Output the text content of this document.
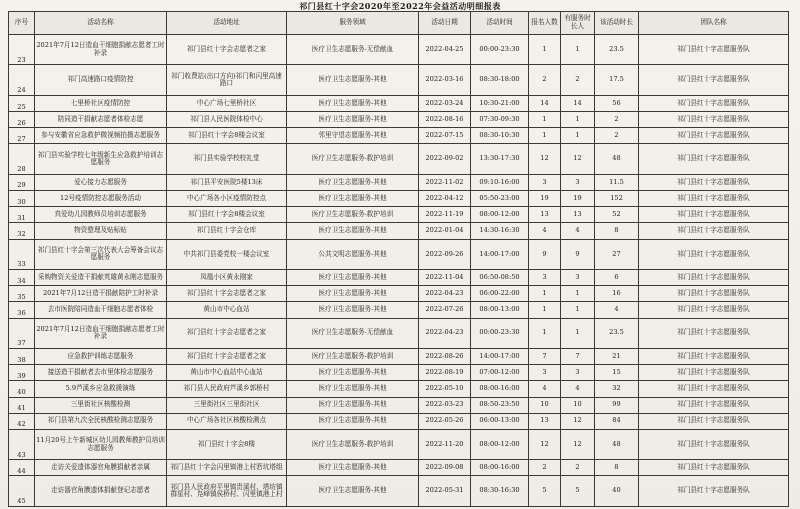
祁门县红十字会2020年至2022年会益活动明细报表
序号	活动名称	活动地址	服务领域	活动日期	活动时间	报名人数	有服务时长人	该活动时长	团队名称
23	2021年7月12日造血干细胞捐献志愿者工时补录	祁门县红十字会志愿者之家	医疗卫生志愿服务-无偿献血	2022-04-25	00:00-23:30	1	1	23.5	祁门县红十字志愿服务队
24	祁门高速路口疫情防控	祁门收费站(出口方向)祁门和闪里高速路口	医疗卫生志愿服务-其他	2022-03-16	08:30-18:00	2	2	17.5	祁门县红十字志愿服务队
25	七里桥社区疫情防控	中心广场七里桥社区	医疗卫生志愿服务-其他	2022-03-24	10:30-21:00	14	14	56	祁门县红十字志愿服务队
26	陪同造干捐献志愿者体检志愿	祁门县人民医院体检中心	医疗卫生志愿服务-其他	2022-08-16	07:30-09:30	1	1	2	祁门县红十字志愿服务队
27	参与安徽省应急救护微视频拍摄志愿服务	祁门县红十字会8楼会议室	邻里守望志愿服务-其他	2022-07-15	08:30-10:30	1	1	2	祁门县红十字志愿服务队
28	祁门县实验学校七年级新生应急救护培训志愿服务	祁门县实验学校校礼堂	医疗卫生志愿服务-救护培训	2022-09-02	13:30-17:30	12	12	48	祁门县红十字志愿服务队
29	爱心接力志愿服务	祁门县平安医院5楼13床	医疗卫生志愿服务-其他	2022-11-02	09:10-16:00	3	3	11.5	祁门县红十字志愿服务队
30	12号疫情防控志愿服务活动	中心广场各小区疫情防控点	医疗卫生志愿服务-其他	2022-04-12	05:50-23:00	19	19	152	祁门县红十字志愿服务队
31	真爱幼儿园教师员培训志愿服务	祁门县红十字会8楼会议室	医疗卫生志愿服务-救护培训	2022-11-19	08:00-12:00	13	13	52	祁门县红十字志愿服务队
32	物资整理及贴标贴	祁门县红十字会仓库	医疗卫生志愿服务-其他	2022-01-04	14:30-16:30	4	4	8	祁门县红十字志愿服务队
33	祁门县红十字会第三次代表大会筹备会议志愿服务	中共祁门县委党校一楼会议室	公共文明志愿服务-其他	2022-09-26	14:00-17:00	9	9	27	祁门县红十字志愿服务队
34	采购物资关爱造干捐献英雄黄永刚志愿服务	凤凰小区黄永刚家	医疗卫生志愿服务-其他	2022-11-04	06:50-08:50	3	3	6	祁门县红十字志愿服务队
35	2021年7月12日造干捐献陪护工时补录	祁门县红十字会志愿者之家	医疗卫生志愿服务-其他	2022-04-23	06:00-22:00	1	1	16	祁门县红十字志愿服务队
36	去市医院陪同造血干细胞志愿者体检	黄山市中心血站	医疗卫生志愿服务-其他	2022-07-26	08:00-13:00	1	1	4	祁门县红十字志愿服务队
37	2021年7月12日造血干细胞捐献志愿者工时补录	祁门县红十字会志愿者之家	医疗卫生志愿服务-无偿献血	2022-04-23	00:00-23:30	1	1	23.5	祁门县红十字志愿服务队
38	应急救护训练志愿服务	祁门县红十字会志愿者之家	医疗卫生志愿服务-救护培训	2022-08-26	14:00-17:00	7	7	21	祁门县红十字志愿服务队
39	接送造干捐献者去市里体检志愿服务	黄山市中心血站中心血站	医疗卫生志愿服务-其他	2022-08-19	07:00-12:00	3	3	15	祁门县红十字志愿服务队
40	5.9芦溪乡应急救援演练	祁门县人民政府芦溪乡郭桥村	医疗卫生志愿服务-其他	2022-05-10	08:00-16:00	4	4	32	祁门县红十字志愿服务队
41	三里街社区核酸检测	三里街社区三里街社区	医疗卫生志愿服务-其他	2022-03-23	08:50-23:50	10	10	99	祁门县红十字志愿服务队
42	祁门县第九次全民核酸检测志愿服务	中心广场各社区核酸检测点	医疗卫生志愿服务-其他	2022-05-26	06:00-13:00	13	12	84	祁门县红十字志愿服务队
43	11月20号上午新城区幼儿园教师教护员培训志愿服务	祁门县红十字会8楼	医疗卫生志愿服务-救护培训	2022-11-20	08:00-12:00	12	12	48	祁门县红十字志愿服务队
44	走访关爱遗体器官角膜捐献者亲属	祁门县红十字会闪里镇港上村箬坑塔组	医疗卫生志愿服务-其他	2022-09-08	08:00-16:00	2	2	8	祁门县红十字志愿服务队
45	走访器官角膜遗体捐献登记志愿者	祁门县人民政府平里镇贵溪村、塔坊镇群星村、凫峰镇侯桥村、闪里镇港上村	医疗卫生志愿服务-其他	2022-05-31	08:30-16:30	5	5	40	祁门县红十字志愿服务队
